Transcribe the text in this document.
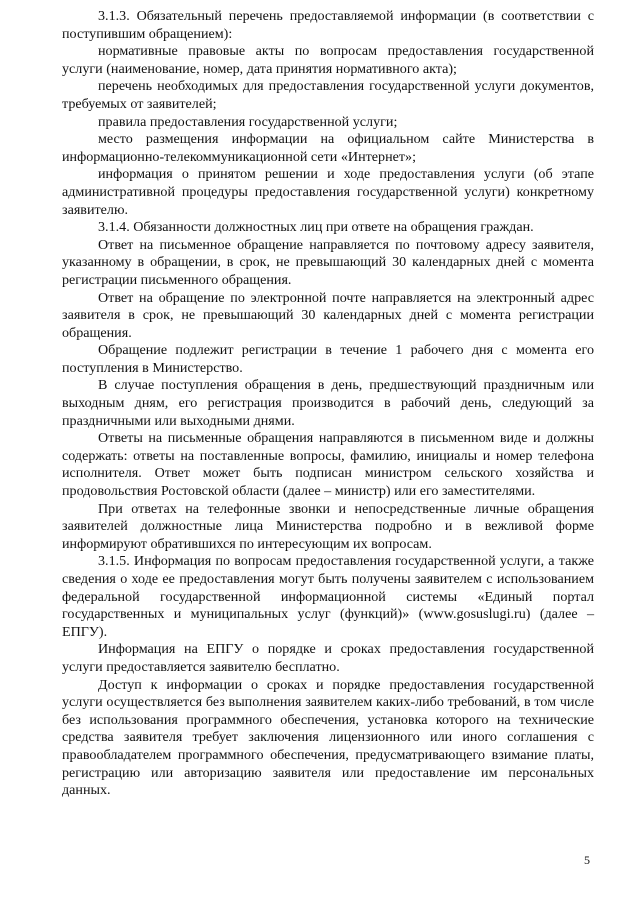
3.1.3. Обязательный перечень предоставляемой информации (в соответствии с поступившим обращением):

нормативные правовые акты по вопросам предоставления государственной услуги (наименование, номер, дата принятия нормативного акта);

перечень необходимых для предоставления государственной услуги документов, требуемых от заявителей;

правила предоставления государственной услуги;

место размещения информации на официальном сайте Министерства в информационно-телекоммуникационной сети «Интернет»;

информация о принятом решении и ходе предоставления услуги (об этапе административной процедуры предоставления государственной услуги) конкретному заявителю.

3.1.4. Обязанности должностных лиц при ответе на обращения граждан.

Ответ на письменное обращение направляется по почтовому адресу заявителя, указанному в обращении, в срок, не превышающий 30 календарных дней с момента регистрации письменного обращения.

Ответ на обращение по электронной почте направляется на электронный адрес заявителя в срок, не превышающий 30 календарных дней с момента регистрации обращения.

Обращение подлежит регистрации в течение 1 рабочего дня с момента его поступления в Министерство.

В случае поступления обращения в день, предшествующий праздничным или выходным дням, его регистрация производится в рабочий день, следующий за праздничными или выходными днями.

Ответы на письменные обращения направляются в письменном виде и должны содержать: ответы на поставленные вопросы, фамилию, инициалы и номер телефона исполнителя. Ответ может быть подписан министром сельского хозяйства и продовольствия Ростовской области (далее – министр) или его заместителями.

При ответах на телефонные звонки и непосредственные личные обращения заявителей должностные лица Министерства подробно и в вежливой форме информируют обратившихся по интересующим их вопросам.

3.1.5. Информация по вопросам предоставления государственной услуги, а также сведения о ходе ее предоставления могут быть получены заявителем с использованием федеральной государственной информационной системы «Единый портал государственных и муниципальных услуг (функций)» (www.gosuslugi.ru) (далее – ЕПГУ).

Информация на ЕПГУ о порядке и сроках предоставления государственной услуги предоставляется заявителю бесплатно.

Доступ к информации о сроках и порядке предоставления государственной услуги осуществляется без выполнения заявителем каких-либо требований, в том числе без использования программного обеспечения, установка которого на технические средства заявителя требует заключения лицензионного или иного соглашения с правообладателем программного обеспечения, предусматривающего взимание платы, регистрацию или авторизацию заявителя или предоставление им персональных данных.

5
